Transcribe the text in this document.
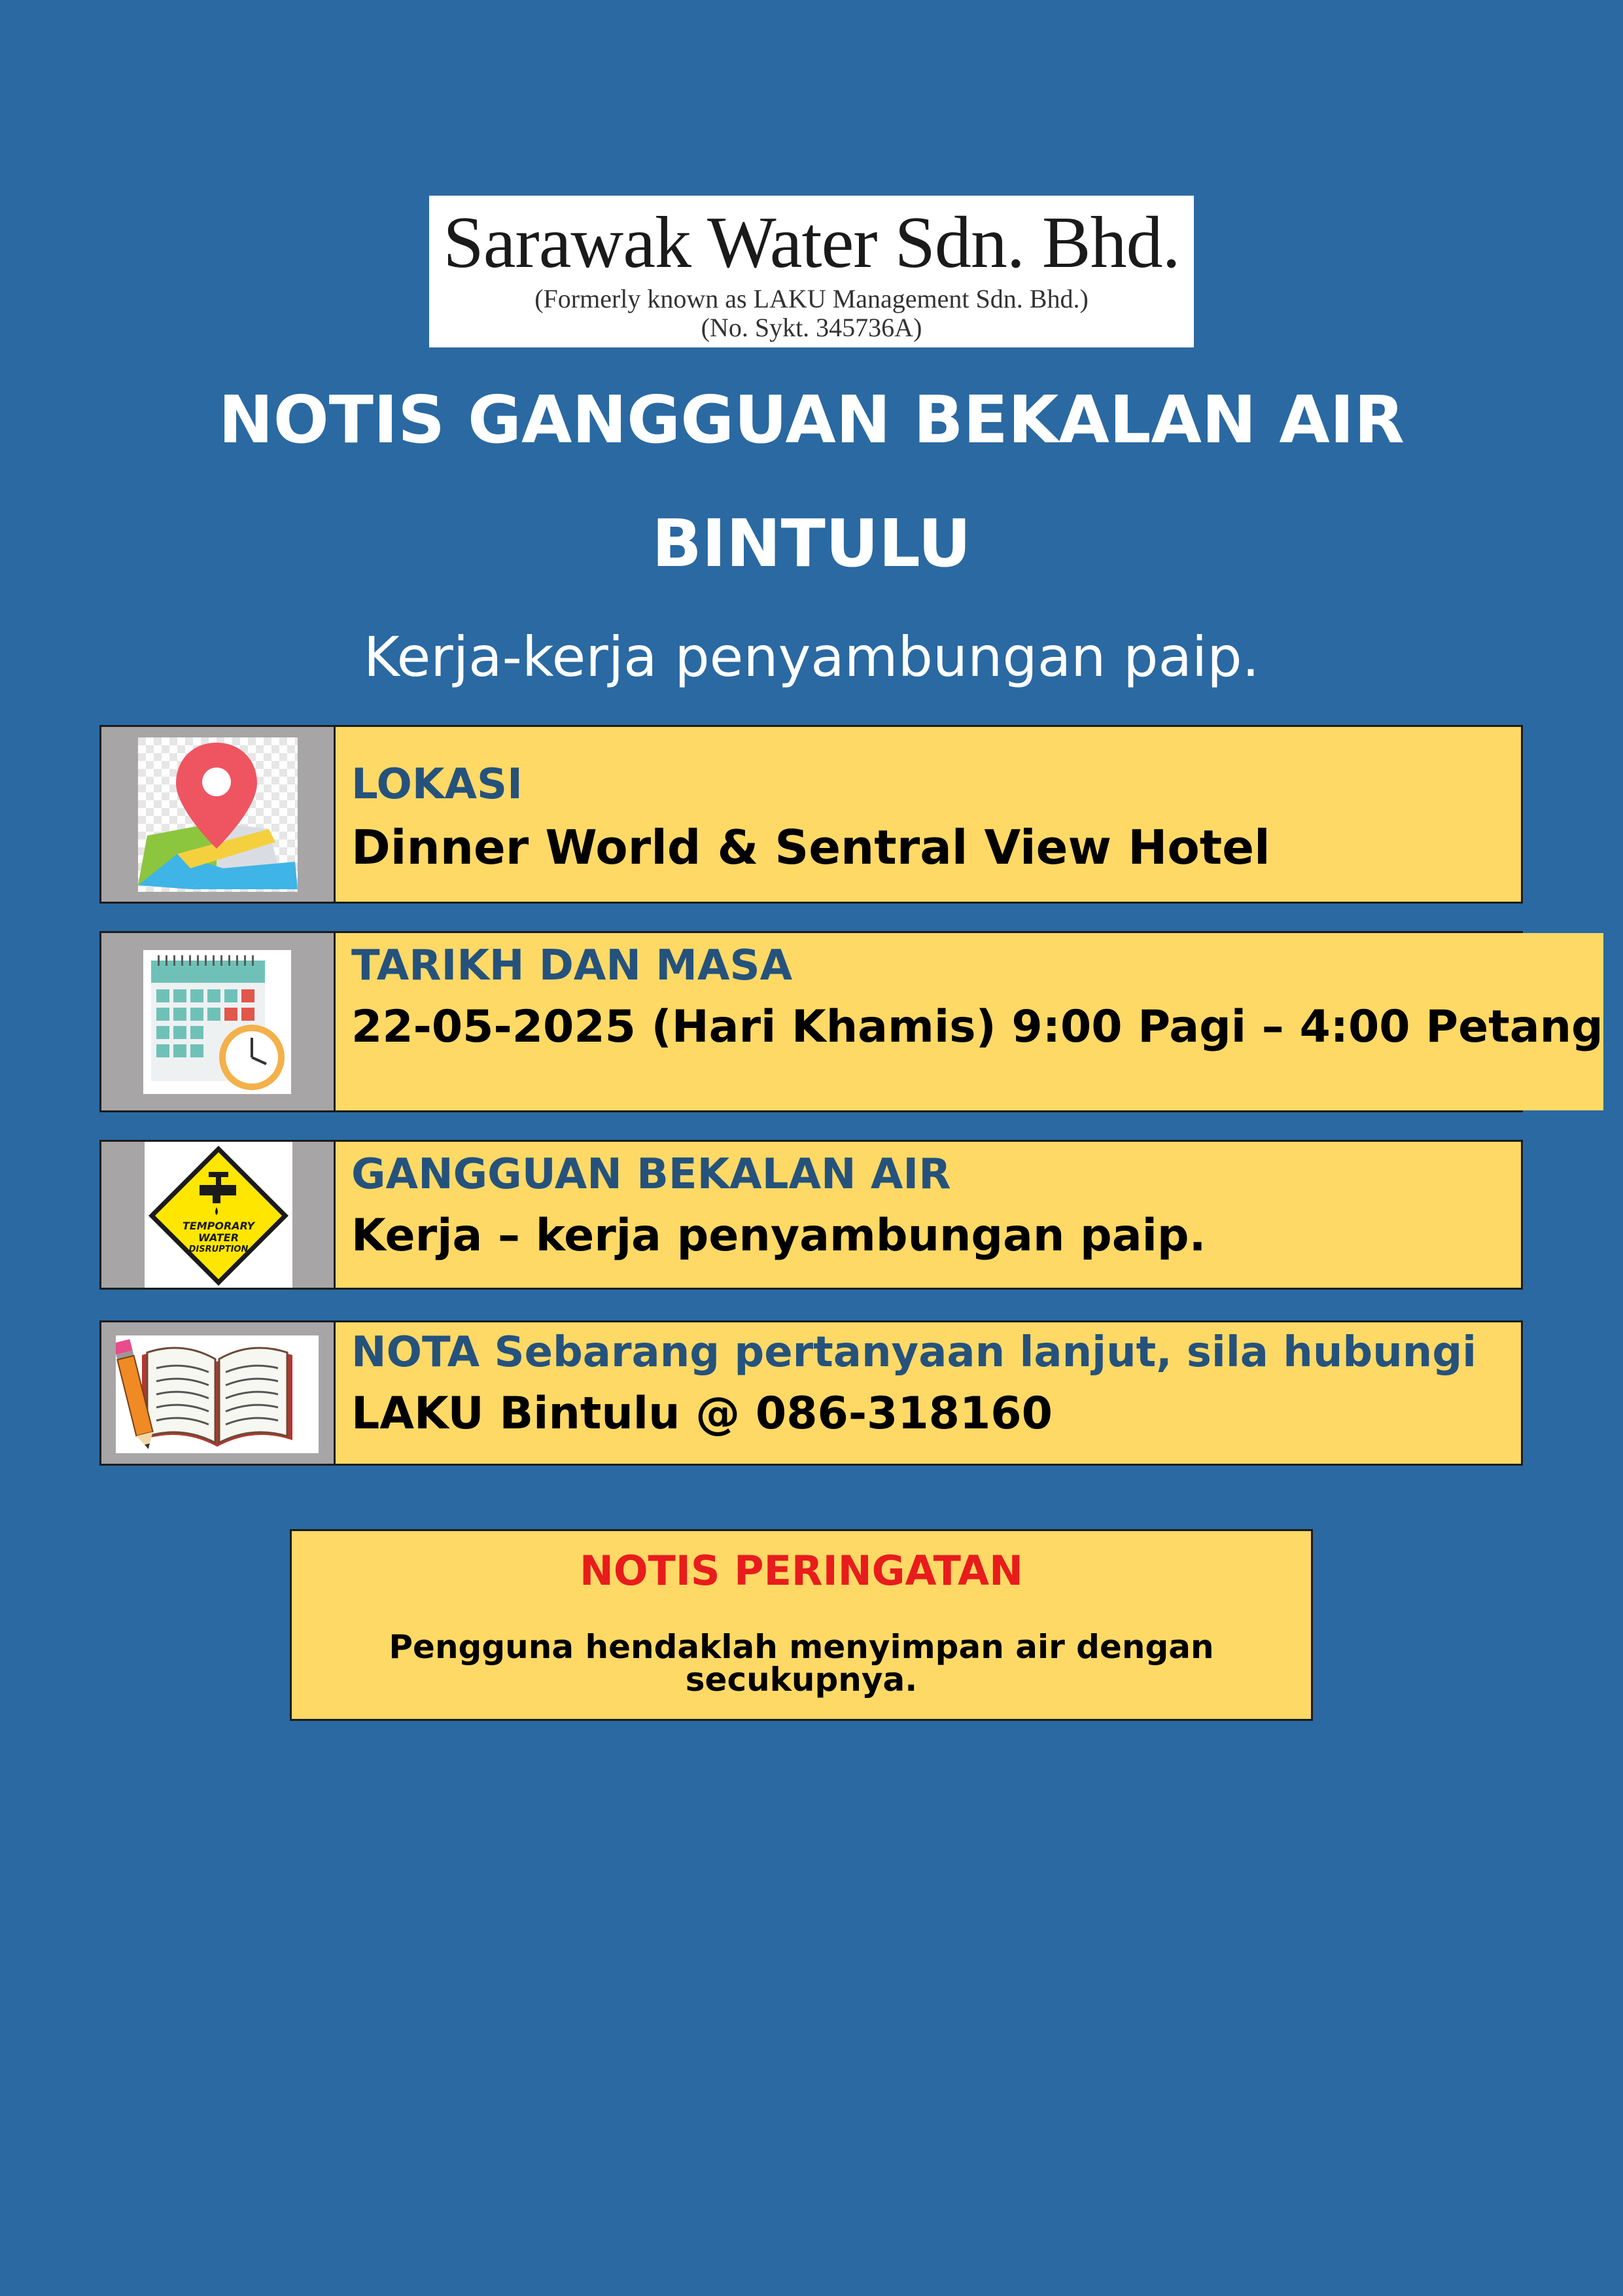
Sarawak Water Sdn. Bhd.
(Formerly known as LAKU Management Sdn. Bhd.)
(No. Sykt. 345736A)
NOTIS GANGGUAN BEKALAN AIR
BINTULU
Kerja-kerja penyambungan paip.
LOKASI
Dinner World & Sentral View Hotel
TARIKH DAN MASA
22-05-2025 (Hari Khamis) 9:00 Pagi – 4:00 Petang
TEMPORARY
WATER
DISRUPTION
GANGGUAN BEKALAN AIR
Kerja – kerja penyambungan paip.
NOTA Sebarang pertanyaan lanjut, sila hubungi
LAKU Bintulu @ 086-318160
NOTIS PERINGATAN
Pengguna hendaklah menyimpan air dengan secukupnya.
